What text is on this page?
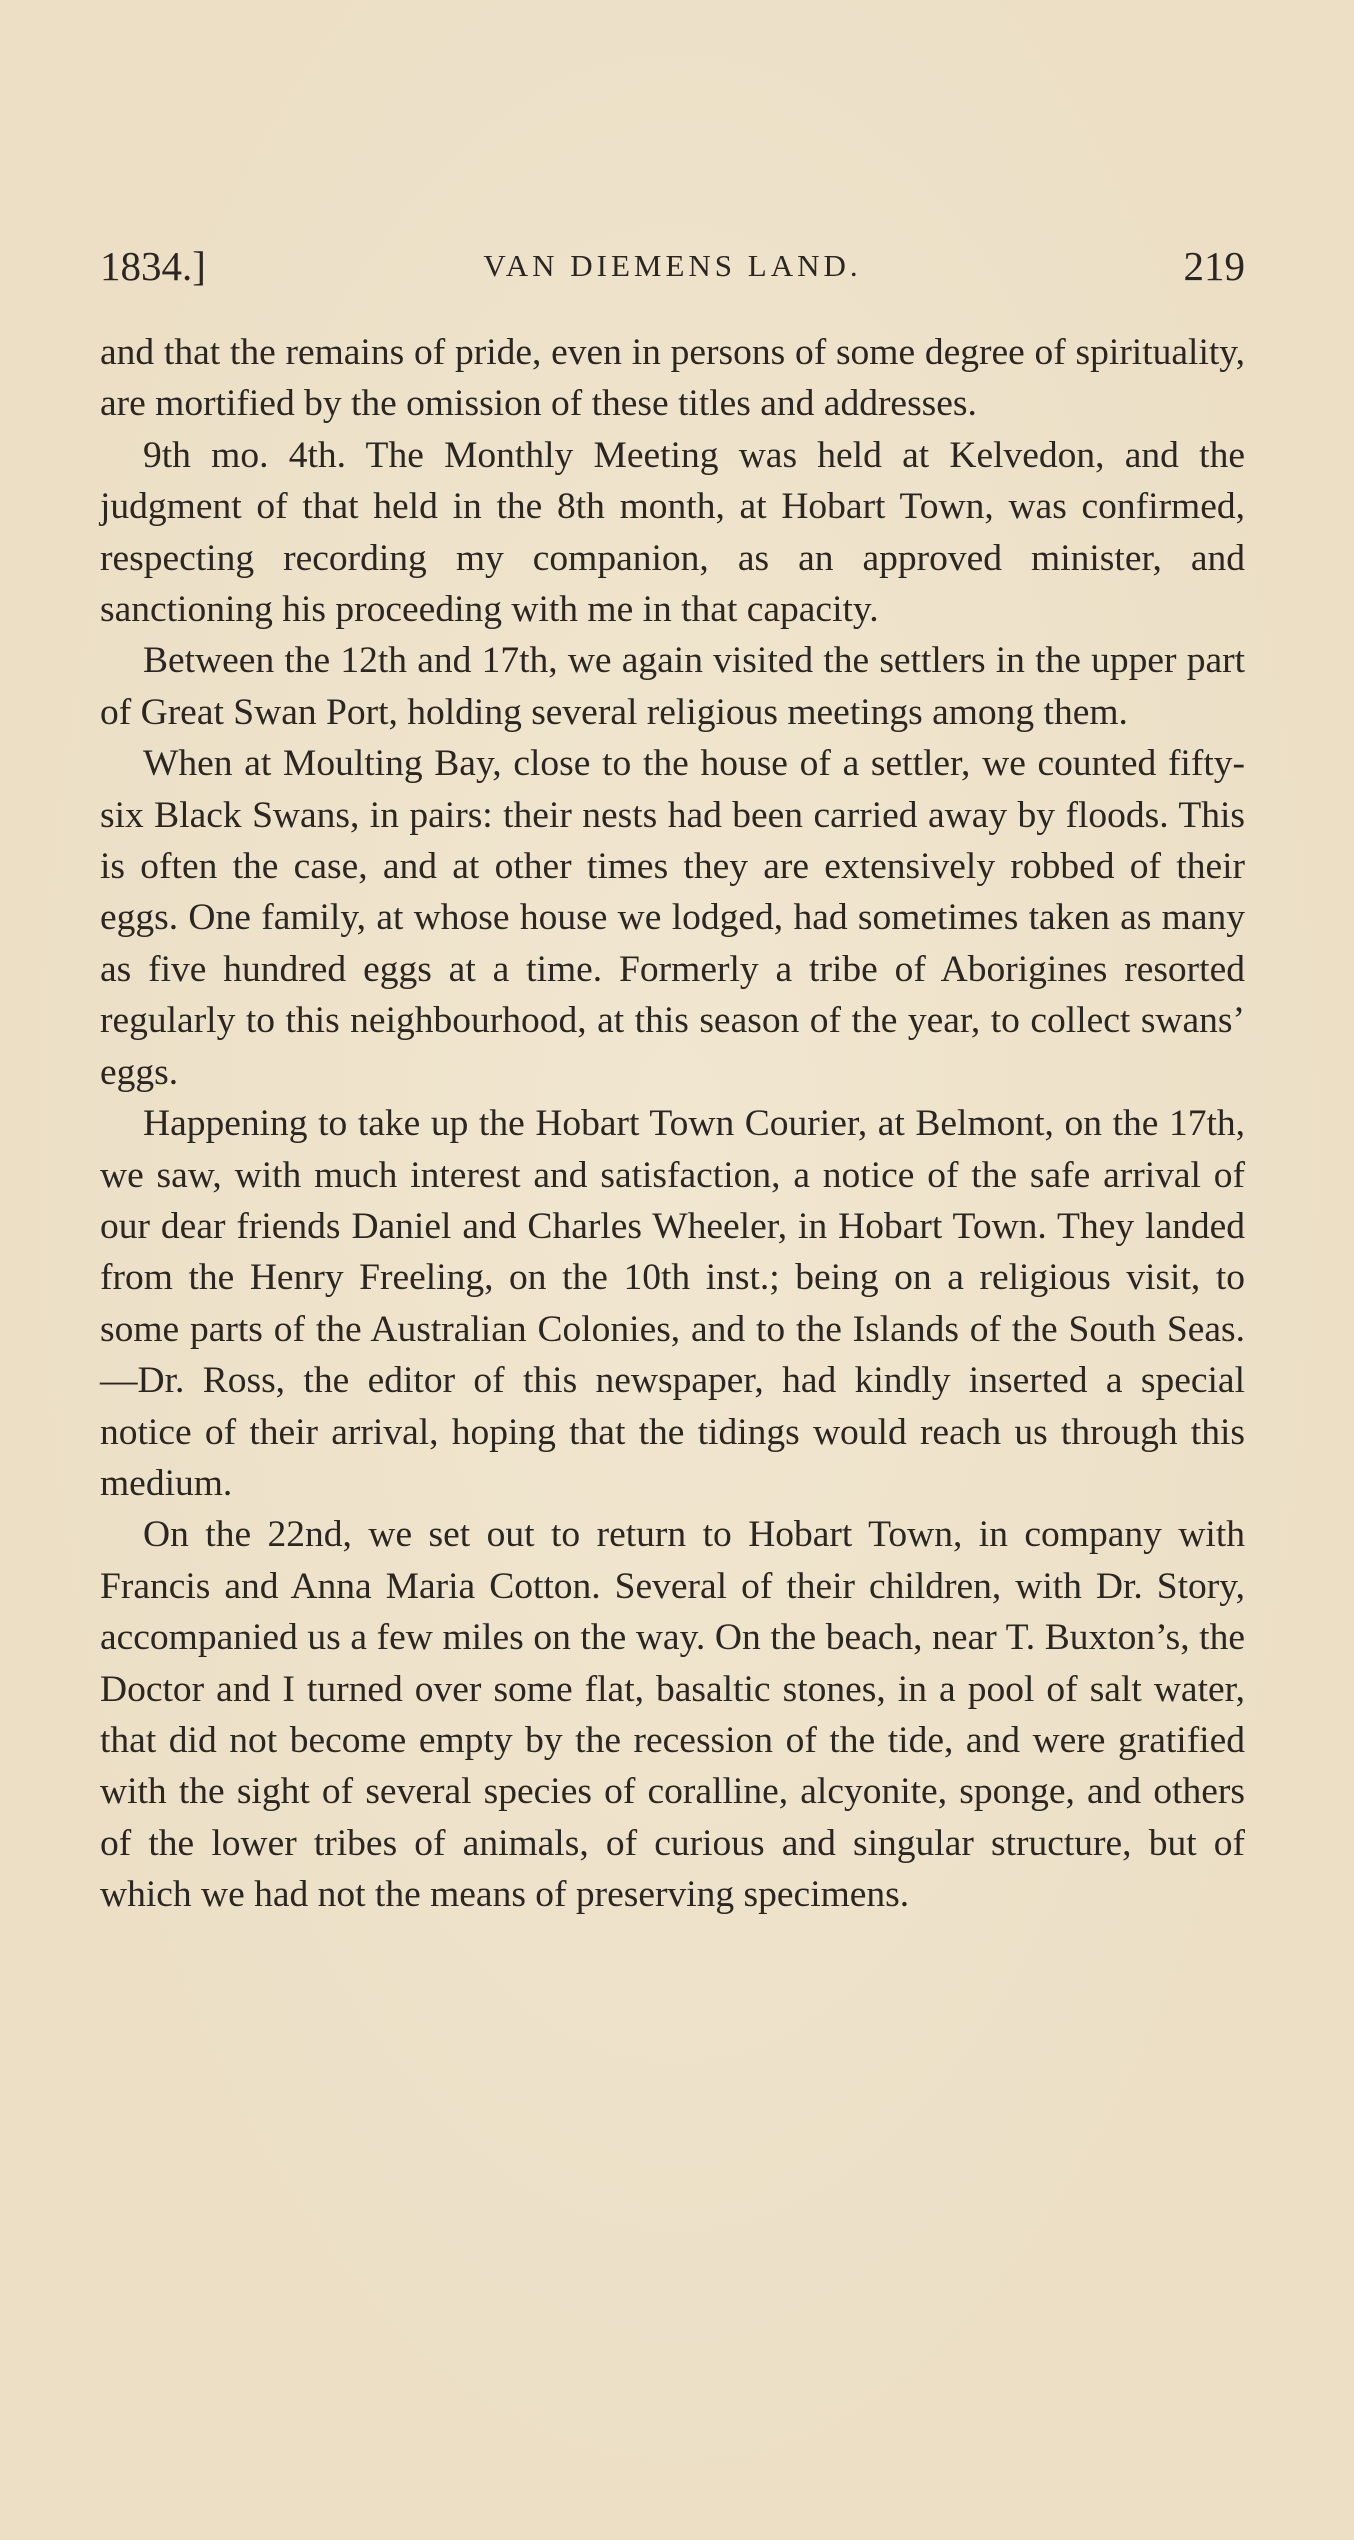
1834.]	VAN DIEMENS LAND.	219

and that the remains of pride, even in persons of some degree of spirituality, are mortified by the omission of these titles and addresses.

9th mo. 4th. The Monthly Meeting was held at Kelvedon, and the judgment of that held in the 8th month, at Hobart Town, was confirmed, respecting recording my companion, as an approved minister, and sanctioning his proceeding with me in that capacity.

Between the 12th and 17th, we again visited the settlers in the upper part of Great Swan Port, holding several religious meetings among them.

When at Moulting Bay, close to the house of a settler, we counted fifty-six Black Swans, in pairs: their nests had been carried away by floods. This is often the case, and at other times they are extensively robbed of their eggs. One family, at whose house we lodged, had sometimes taken as many as five hundred eggs at a time. Formerly a tribe of Aborigines resorted regularly to this neighbourhood, at this season of the year, to collect swans’ eggs.

Happening to take up the Hobart Town Courier, at Belmont, on the 17th, we saw, with much interest and satisfaction, a notice of the safe arrival of our dear friends Daniel and Charles Wheeler, in Hobart Town. They landed from the Henry Freeling, on the 10th inst.; being on a religious visit, to some parts of the Australian Colonies, and to the Islands of the South Seas.—Dr. Ross, the editor of this newspaper, had kindly inserted a special notice of their arrival, hoping that the tidings would reach us through this medium.

On the 22nd, we set out to return to Hobart Town, in company with Francis and Anna Maria Cotton. Several of their children, with Dr. Story, accompanied us a few miles on the way. On the beach, near T. Buxton’s, the Doctor and I turned over some flat, basaltic stones, in a pool of salt water, that did not become empty by the recession of the tide, and were gratified with the sight of several species of coralline, alcyonite, sponge, and others of the lower tribes of animals, of curious and singular structure, but of which we had not the means of preserving specimens.
